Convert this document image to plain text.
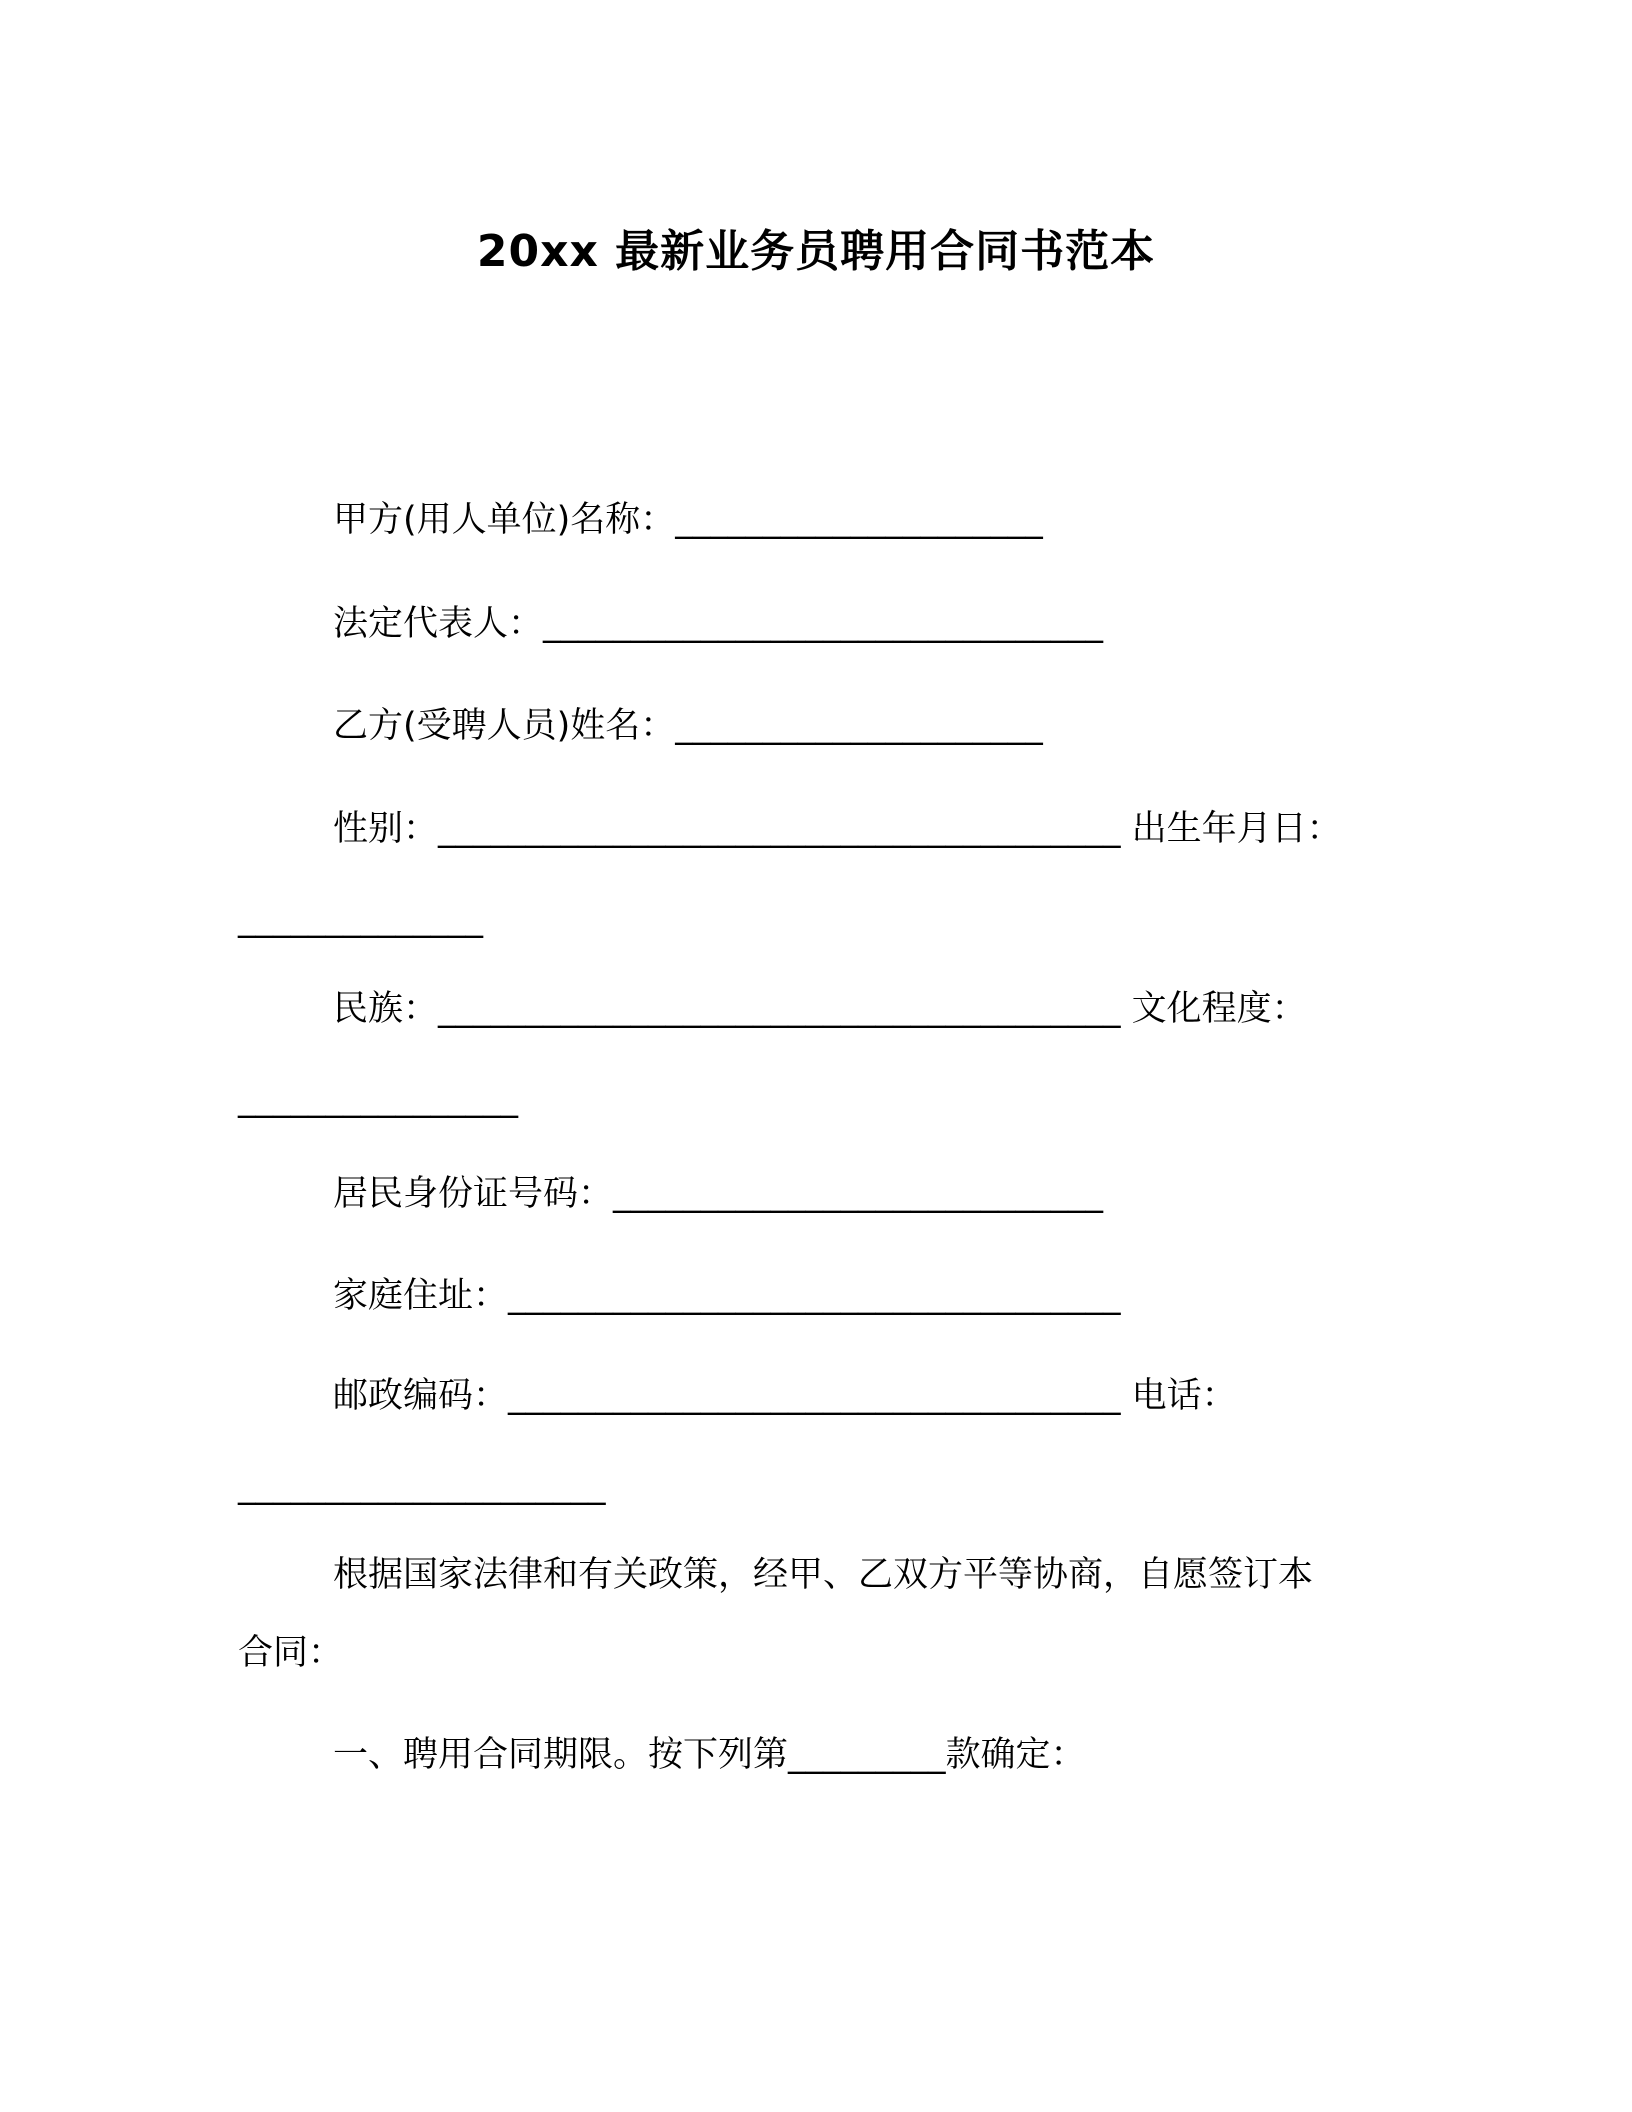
20xx 最新业务员聘用合同书范本
甲方(用人单位)名称：_____________________
法定代表人：________________________________
乙方(受聘人员)姓名：_____________________
性别：_______________________________________ 出生年月日：
______________
民族：_______________________________________ 文化程度：
________________
居民身份证号码：____________________________
家庭住址：___________________________________
邮政编码：___________________________________ 电话：
_____________________
根据国家法律和有关政策，经甲、乙双方平等协商，自愿签订本
合同：
一、聘用合同期限。按下列第_________款确定：
